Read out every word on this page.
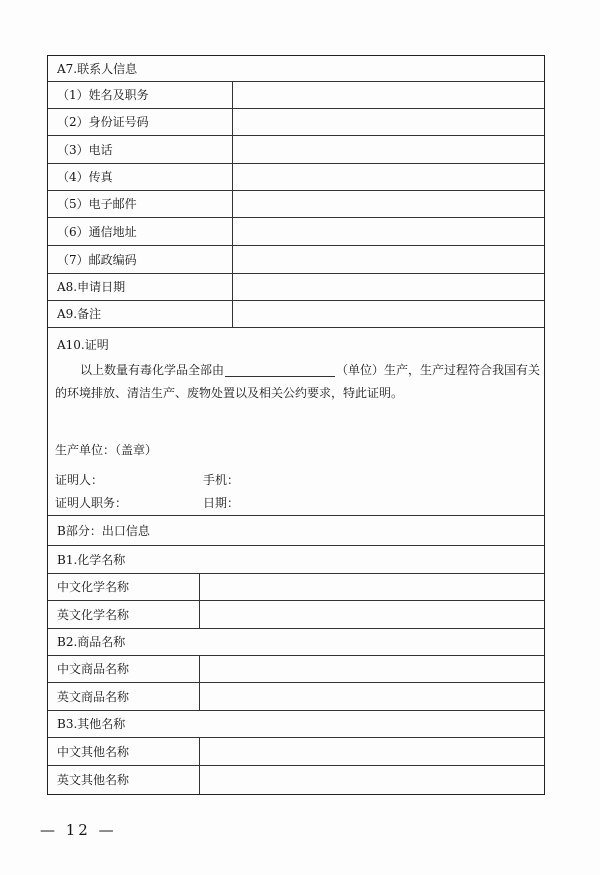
A7.联系人信息
（1）姓名及职务
（2）身份证号码
（3）电话
（4）传真
（5）电子邮件
（6）通信地址
（7）邮政编码
A8.申请日期
A9.备注
A10.证明
以上数量有毒化学品全部由	（单位）生产，生产过程符合我国有关
的环境排放、清洁生产、废物处置以及相关公约要求，特此证明。
生产单位：（盖章）
证明人：	手机：
证明人职务：	日期：
B部分：出口信息
B1.化学名称
中文化学名称
英文化学名称
B2.商品名称
中文商品名称
英文商品名称
B3.其他名称
中文其他名称
英文其他名称
— 12 —
